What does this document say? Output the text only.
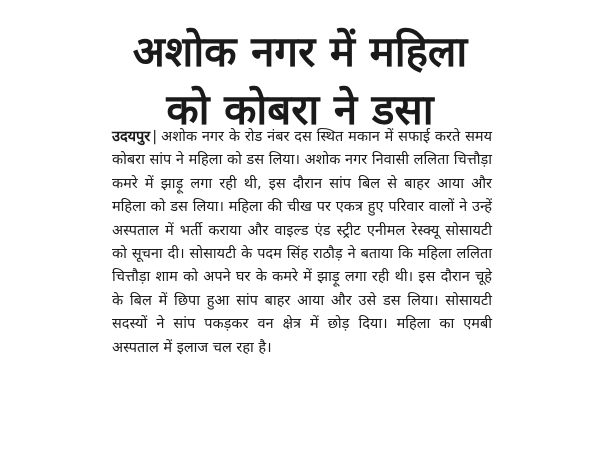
अशोक नगर में महिला
को कोबरा ने डसा

उदयपुर | अशोक नगर के रोड नंबर दस स्थित मकान में सफाई करते समय कोबरा सांप ने महिला को डस लिया। अशोक नगर निवासी ललिता चित्तौड़ा कमरे में झाड़ू लगा रही थी, इस दौरान सांप बिल से बाहर आया और महिला को डस लिया। महिला की चीख पर एकत्र हुए परिवार वालों ने उन्हें अस्पताल में भर्ती कराया और वाइल्ड एंड स्ट्रीट एनीमल रेस्क्यू सोसायटी को सूचना दी। सोसायटी के पदम सिंह राठौड़ ने बताया कि महिला ललिता चित्तौड़ा शाम को अपने घर के कमरे में झाड़ू लगा रही थी। इस दौरान चूहे के बिल में छिपा हुआ सांप बाहर आया और उसे डस लिया। सोसायटी सदस्यों ने सांप पकड़कर वन क्षेत्र में छोड़ दिया। महिला का एमबी अस्पताल में इलाज चल रहा है।
